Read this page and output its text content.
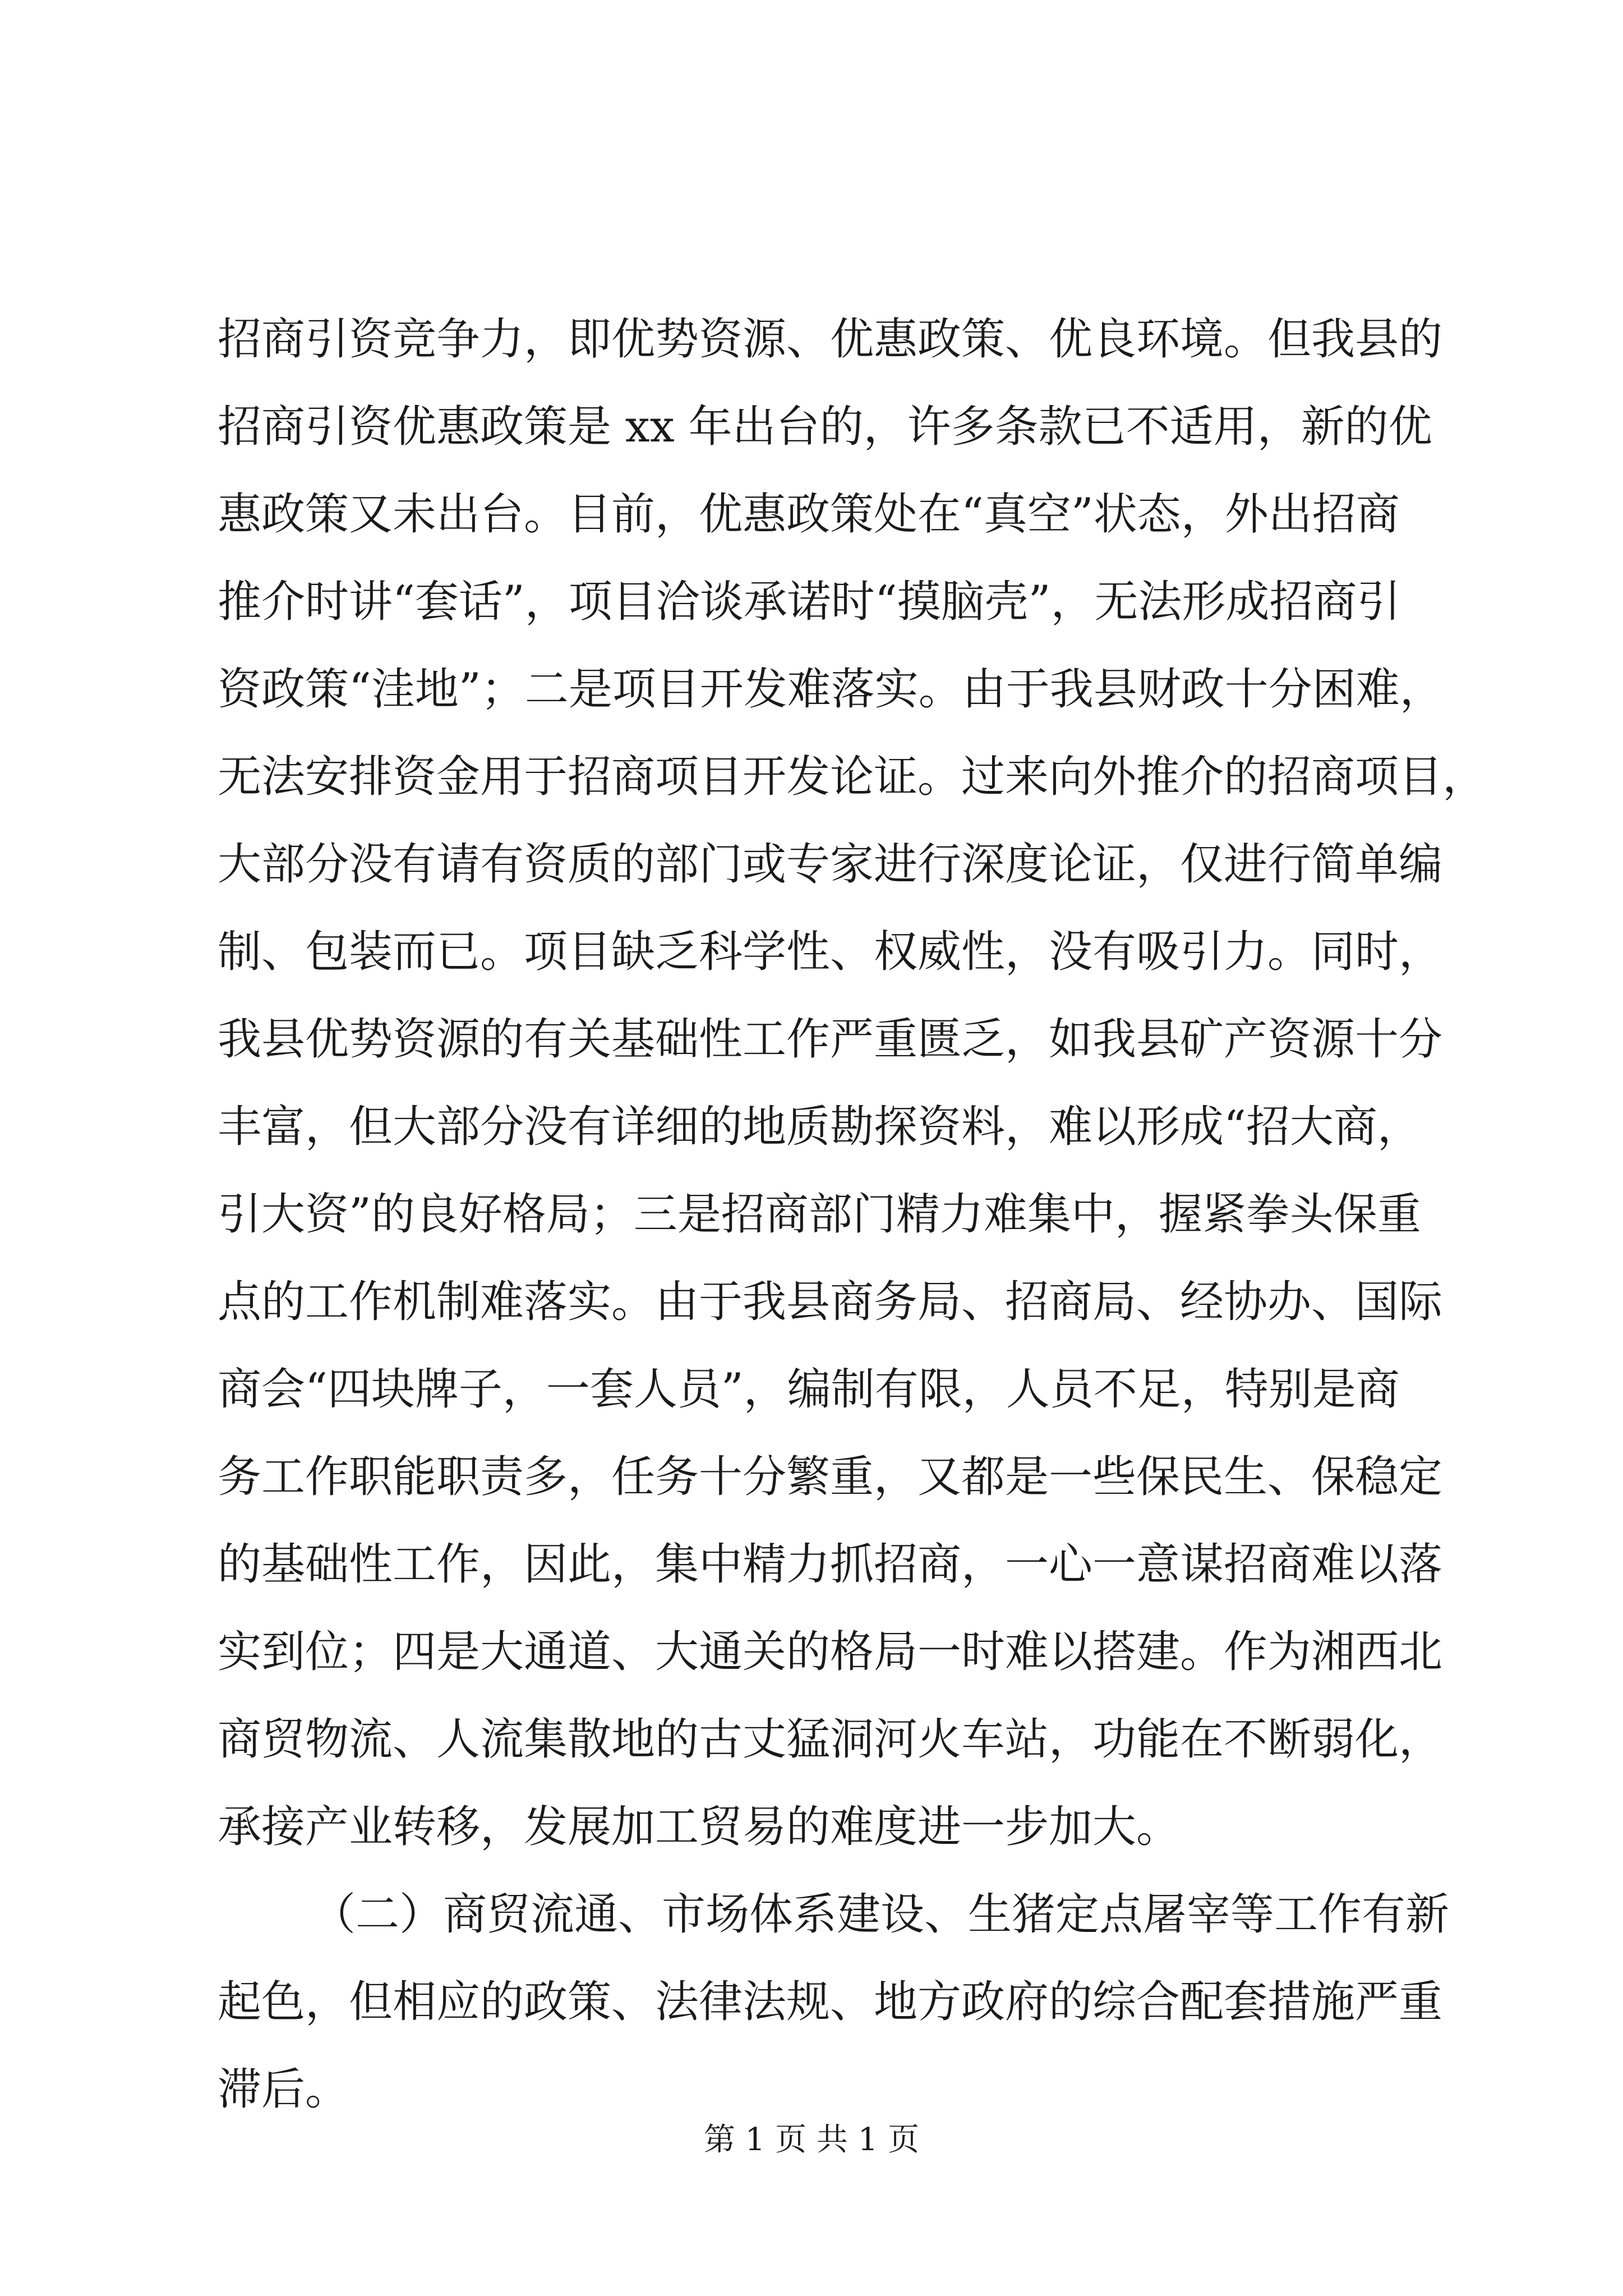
招商引资竞争力，即优势资源、优惠政策、优良环境。但我县的
招商引资优惠政策是 xx 年出台的，许多条款已不适用，新的优
惠政策又未出台。目前，优惠政策处在“真空”状态，外出招商
推介时讲“套话”，项目洽谈承诺时“摸脑壳”，无法形成招商引
资政策“洼地”；二是项目开发难落实。由于我县财政十分困难，
无法安排资金用于招商项目开发论证。过来向外推介的招商项目，
大部分没有请有资质的部门或专家进行深度论证，仅进行简单编
制、包装而已。项目缺乏科学性、权威性，没有吸引力。同时，
我县优势资源的有关基础性工作严重匮乏，如我县矿产资源十分
丰富，但大部分没有详细的地质勘探资料，难以形成“招大商，
引大资”的良好格局；三是招商部门精力难集中，握紧拳头保重
点的工作机制难落实。由于我县商务局、招商局、经协办、国际
商会“四块牌子，一套人员”，编制有限，人员不足，特别是商
务工作职能职责多，任务十分繁重，又都是一些保民生、保稳定
的基础性工作，因此，集中精力抓招商，一心一意谋招商难以落
实到位；四是大通道、大通关的格局一时难以搭建。作为湘西北
商贸物流、人流集散地的古丈猛洞河火车站，功能在不断弱化，
承接产业转移，发展加工贸易的难度进一步加大。
（二）商贸流通、市场体系建设、生猪定点屠宰等工作有新
起色，但相应的政策、法律法规、地方政府的综合配套措施严重
滞后。
第 1 页 共 1 页
